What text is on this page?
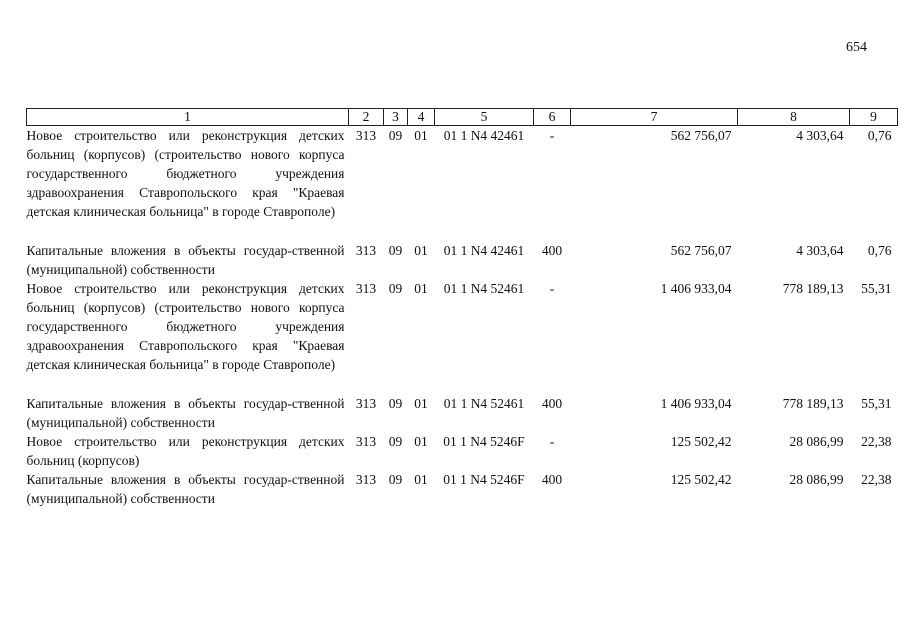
654
1	2	3	4	5	6	7	8	9
Новое строительство или реконструкция детских больниц (корпусов) (строительство нового корпуса государственного бюджетного учреждения здравоохранения Ставропольского края "Краевая детская клиническая больница" в городе Ставрополе)	313	09	01	01 1 N4 42461	-	562 756,07	4 303,64	0,76

Капитальные вложения в объекты государ-ственной (муниципальной) собственности	313	09	01	01 1 N4 42461	400	562 756,07	4 303,64	0,76
Новое строительство или реконструкция детских больниц (корпусов) (строительство нового корпуса государственного бюджетного учреждения здравоохранения Ставропольского края "Краевая детская клиническая больница" в городе Ставрополе)	313	09	01	01 1 N4 52461	-	1 406 933,04	778 189,13	55,31

Капитальные вложения в объекты государ-ственной (муниципальной) собственности	313	09	01	01 1 N4 52461	400	1 406 933,04	778 189,13	55,31
Новое строительство или реконструкция детских больниц (корпусов)	313	09	01	01 1 N4 5246F	-	125 502,42	28 086,99	22,38
Капитальные вложения в объекты государ-ственной (муниципальной) собственности	313	09	01	01 1 N4 5246F	400	125 502,42	28 086,99	22,38
